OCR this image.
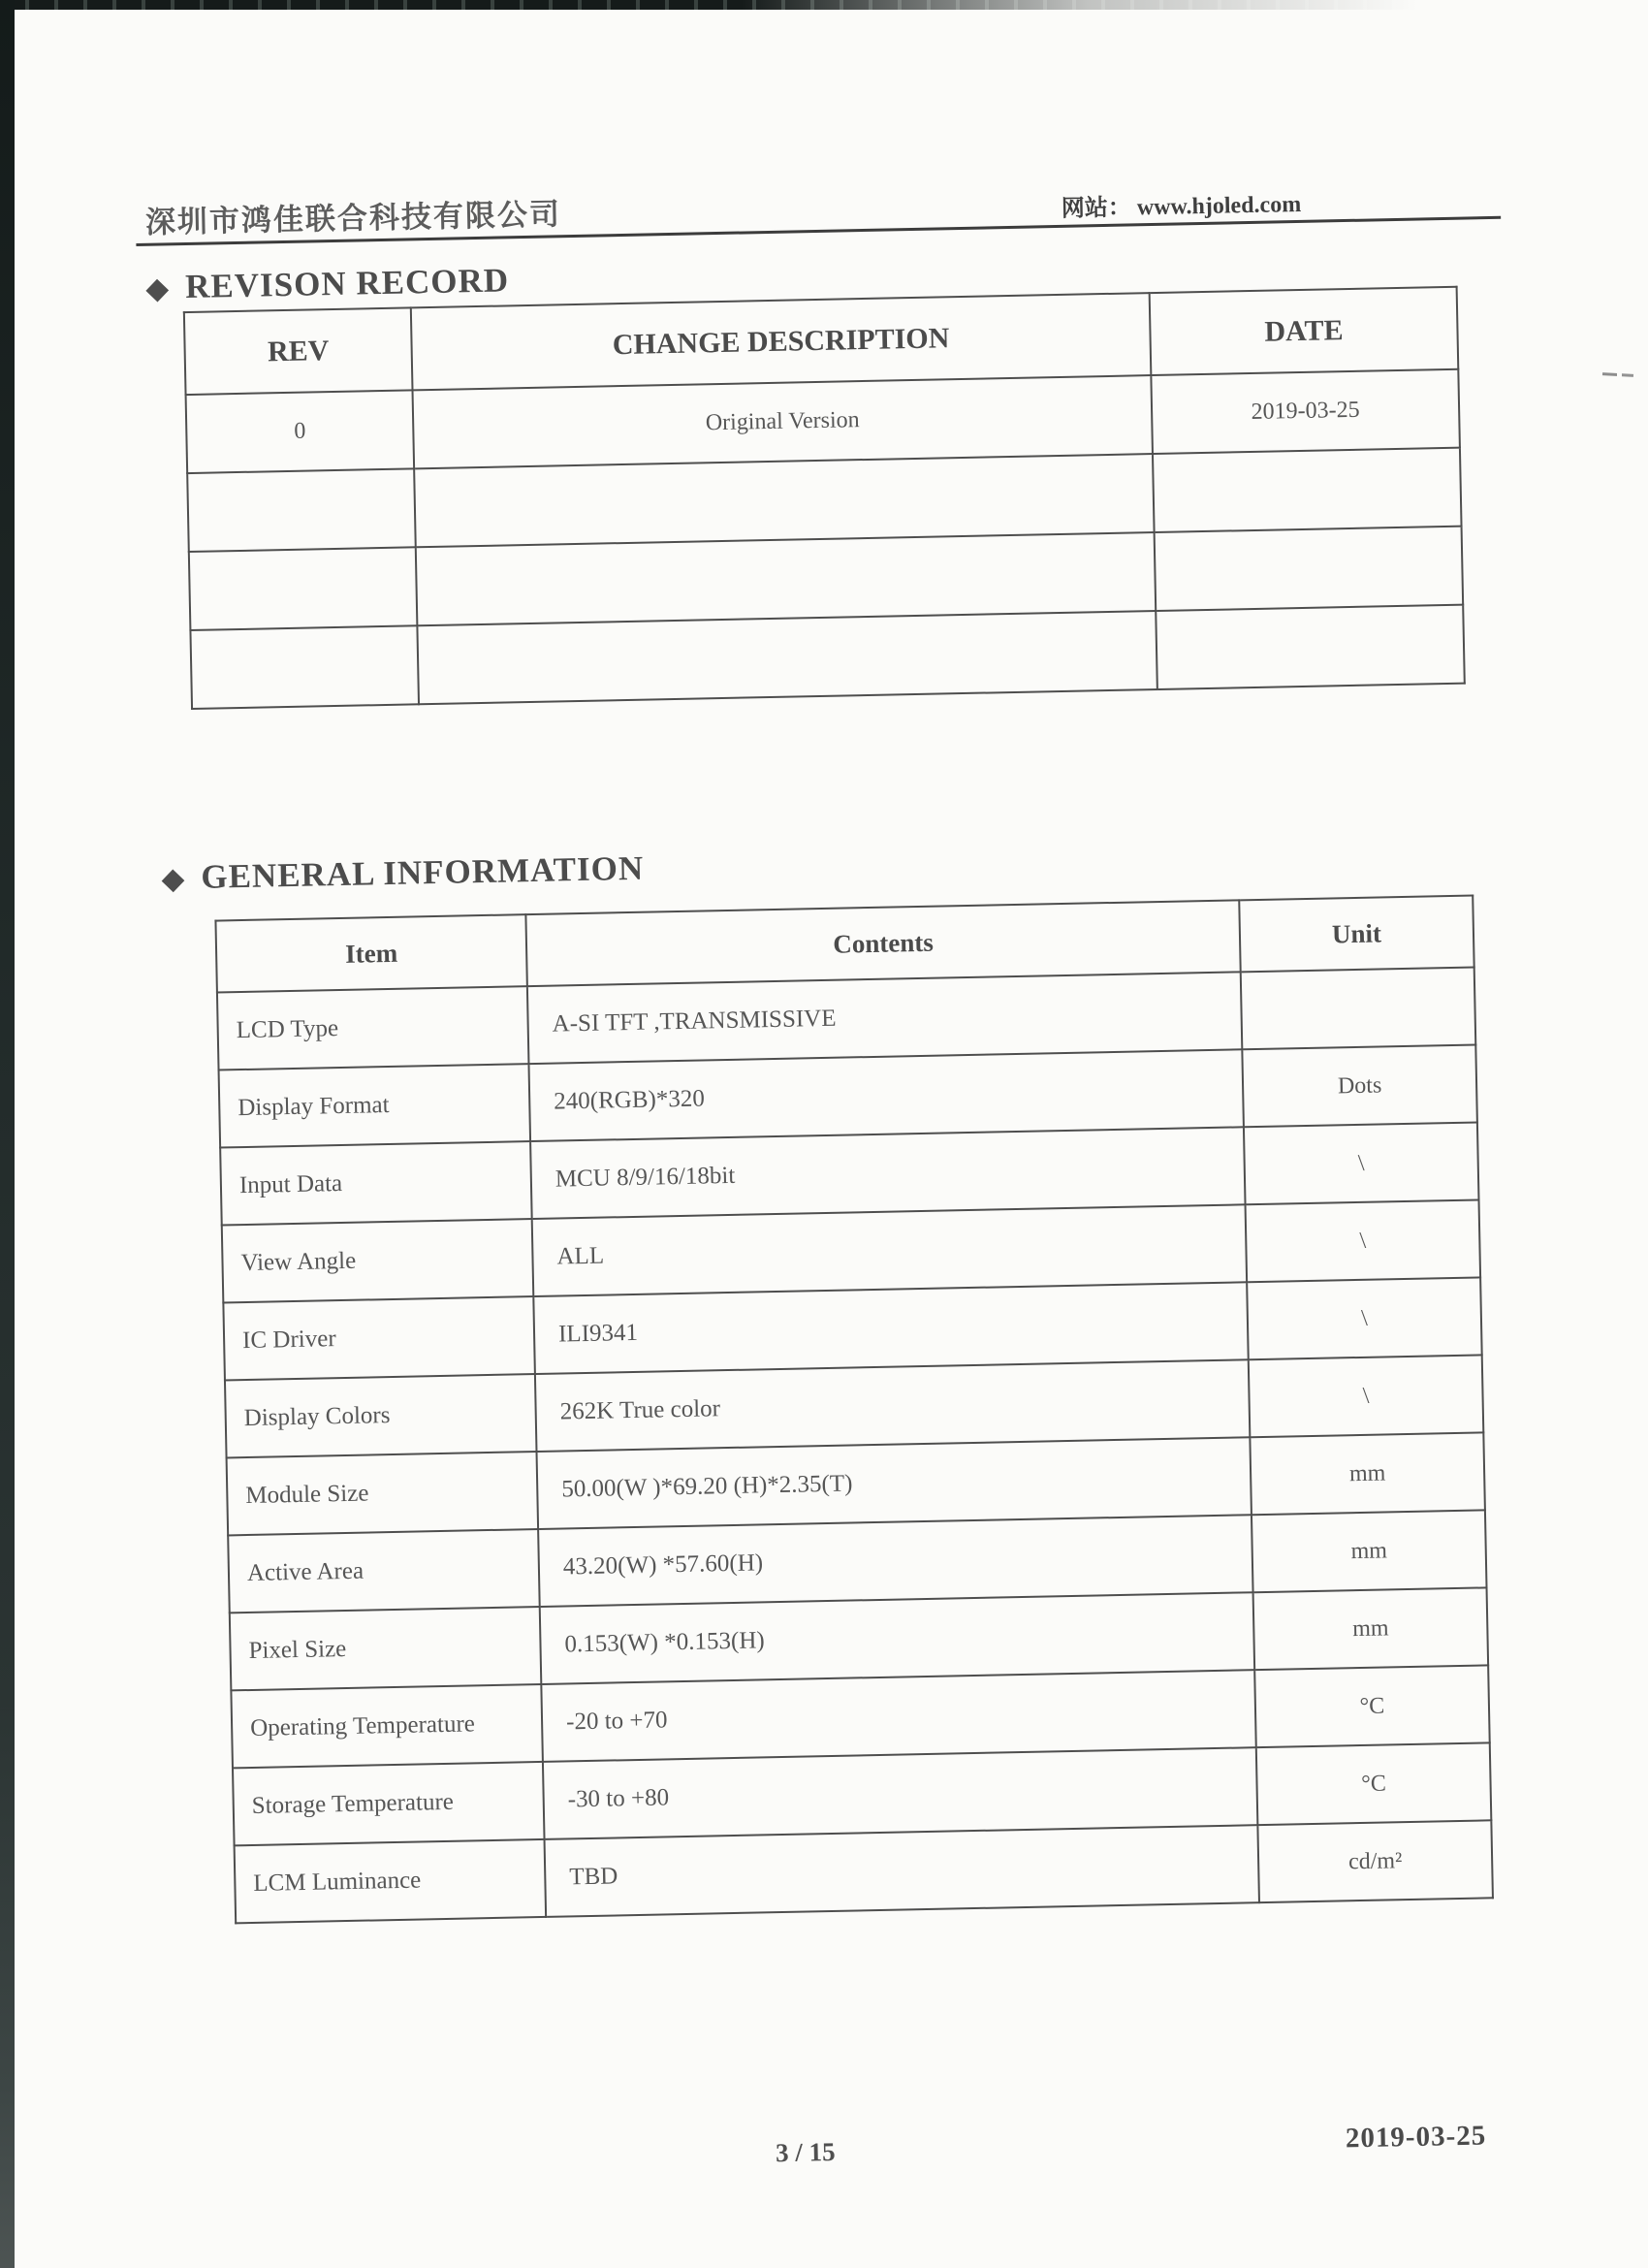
深圳市鸿佳联合科技有限公司	网站： www.hjoled.com
◆ REVISON RECORD
REV	CHANGE DESCRIPTION	DATE
0	Original Version	2019-03-25

◆ GENERAL INFORMATION
Item	Contents	Unit
LCD Type	A-SI TFT ,TRANSMISSIVE	
Display Format	240(RGB)*320	Dots
Input Data	MCU 8/9/16/18bit	\
View Angle	ALL	\
IC Driver	ILI9341	\
Display Colors	262K True color	\
Module Size	50.00(W )*69.20 (H)*2.35(T)	mm
Active Area	43.20(W) *57.60(H)	mm
Pixel Size	0.153(W) *0.153(H)	mm
Operating Temperature	-20 to +70	°C
Storage Temperature	-30 to +80	°C
LCM Luminance	TBD	cd/m²
3 / 15	2019-03-25
